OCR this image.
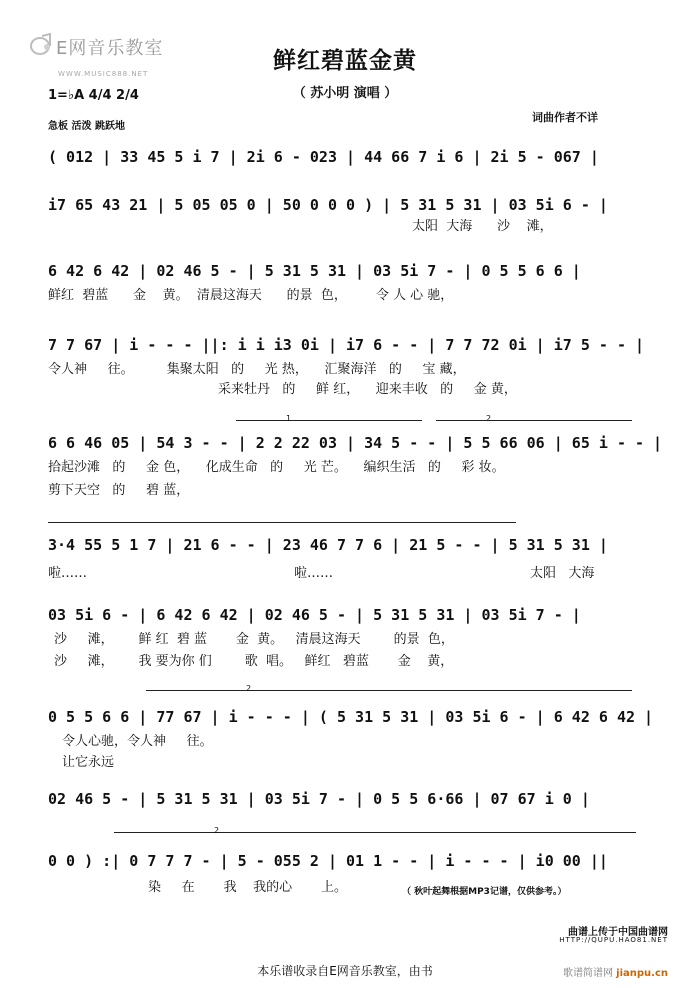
E网音乐教室
WWW.MUSIC888.NET	鲜红碧蓝金黄
（ 苏小明 演唱 ）
1=♭A 4/4 2/4
急板 活泼 跳跃地
词曲作者不详
( 012 | 33 45 5 i 7 | 2i 6 - 023 | 44 66 7 i 6 | 2i 5 - 067 |
i7 65 43 21 | 5 05 05 0 | 50 0 0 0 ) | 5 31 5 31 | 03 5i 6 - |
太阳  大海      沙    滩，
6 42 6 42 | 02 46 5 - | 5 31 5 31 | 03 5i 7 - | 0 5 5 6 6 |
鲜红  碧蓝      金    黄。  清晨这海天      的景  色，       令 人 心 驰，
7 7 67 | i - - - ||: i i i3 0i | i7 6 - - | 7 7 72 0i | i7 5 - - |
令人神     往。        集聚太阳   的     光 热，    汇聚海洋   的     宝 藏，
采来牡丹   的     鲜 红，    迎来丰收   的     金 黄，
1	2
6 6 46 05 | 54 3 - - | 2 2 22 03 | 34 5 - - | 5 5 66 06 | 65 i - - |
拾起沙滩   的     金 色，    化成生命   的     光 芒。    编织生活   的     彩 妆。
剪下天空   的     碧 蓝，
3·4 55 5 1 7 | 21 6 - - | 23 46 7 7 6 | 21 5 - - | 5 31 5 31 |
啦……	啦……	太阳   大海
03 5i 6 - | 6 42 6 42 | 02 46 5 - | 5 31 5 31 | 03 5i 7 - |
沙     滩，      鲜 红  碧 蓝       金  黄。   清晨这海天        的景  色，
沙     滩，      我 要为你 们        歌  唱。   鲜红   碧蓝       金    黄，
2
0 5 5 6 6 | 77 67 | i - - - | ( 5 31 5 31 | 03 5i 6 - | 6 42 6 42 |
令人心驰，令人神     往。
让它永远
02 46 5 - | 5 31 5 31 | 03 5i 7 - | 0 5 5 6·66 | 07 67 i 0 |
2
0 0 ) :| 0 7 7 7 - | 5 - 055 2 | 01 1 - - | i - - - | i0 00 ||
染     在       我    我的心       上。	（ 秋叶起舞根据MP3记谱，仅供参考。）
曲谱上传于中国曲谱网
HTTP://QUPU.HAO81.NET
本乐谱收录自E网音乐教室，由书	歌谱简谱网 jianpu.cn
